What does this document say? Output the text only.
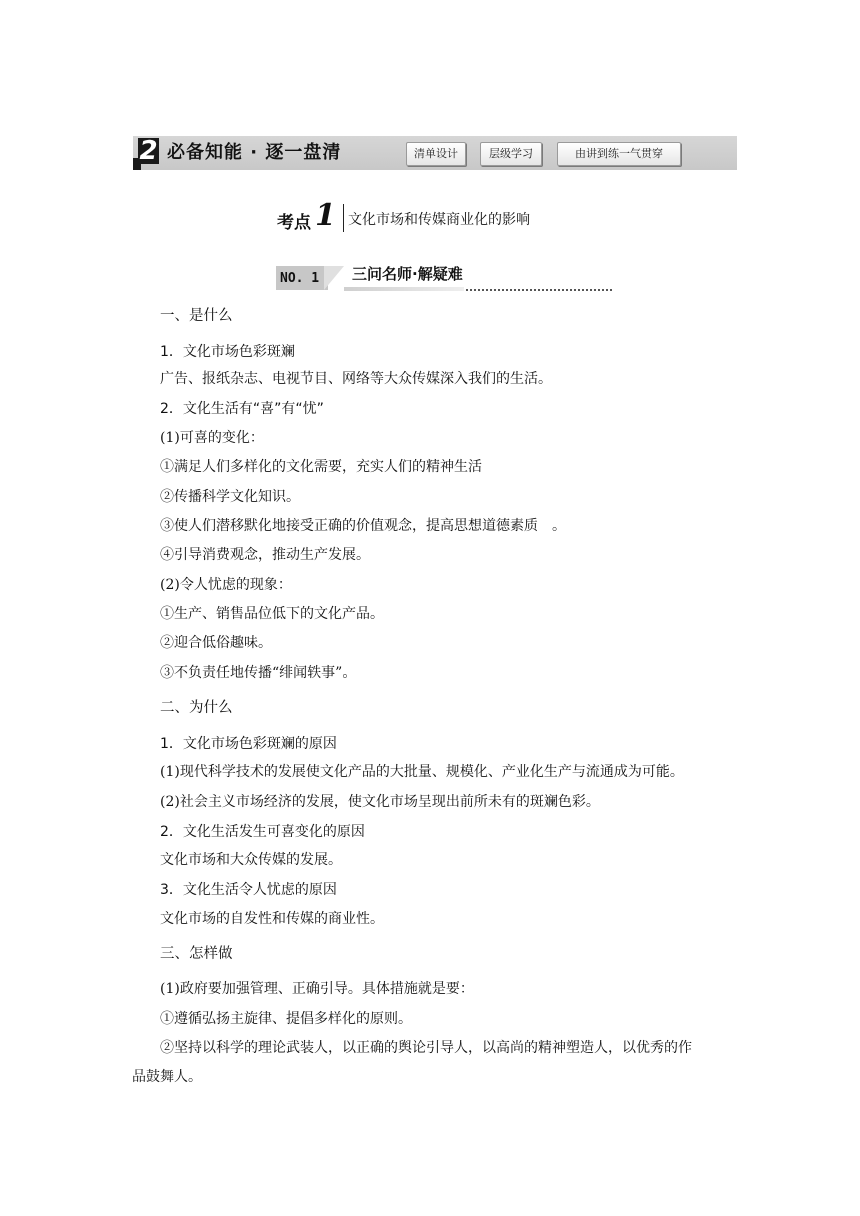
2 必备知能 · 逐一盘清	清单设计	层级学习	由讲到练一气贯穿
考点 1 文化市场和传媒商业化的影响
NO. 1 三问名师·解疑难
一、是什么
1．文化市场色彩斑斓
广告、报纸杂志、电视节目、网络等大众传媒深入我们的生活。
2．文化生活有“喜”有“忧”
(1)可喜的变化：
①满足人们多样化的文化需要，充实人们的精神生活
②传播科学文化知识。
③使人们潜移默化地接受正确的价值观念，提高思想道德素质　。
④引导消费观念，推动生产发展。
(2)令人忧虑的现象：
①生产、销售品位低下的文化产品。
②迎合低俗趣味。
③不负责任地传播“绯闻轶事”。
二、为什么
1．文化市场色彩斑斓的原因
(1)现代科学技术的发展使文化产品的大批量、规模化、产业化生产与流通成为可能。
(2)社会主义市场经济的发展，使文化市场呈现出前所未有的斑斓色彩。
2．文化生活发生可喜变化的原因
文化市场和大众传媒的发展。
3．文化生活令人忧虑的原因
文化市场的自发性和传媒的商业性。
三、怎样做
(1)政府要加强管理、正确引导。具体措施就是要：
①遵循弘扬主旋律、提倡多样化的原则。
②坚持以科学的理论武装人，以正确的舆论引导人，以高尚的精神塑造人，以优秀的作
品鼓舞人。
